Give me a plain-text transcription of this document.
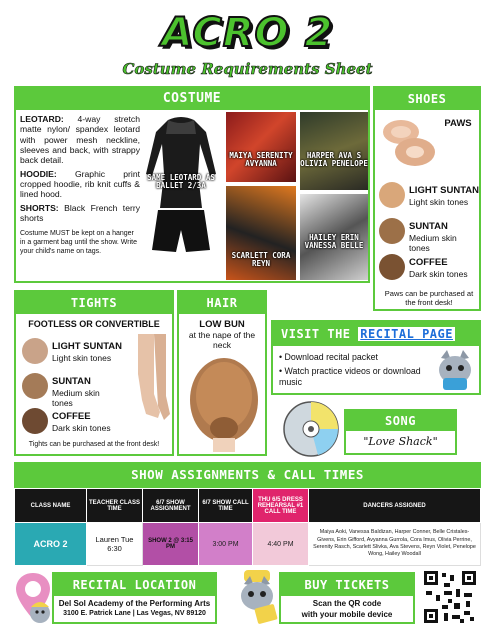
ACRO 2
Costume Requirements Sheet
COSTUME

LEOTARD: 4-way stretch matte nylon/ spandex leotard with power mesh neckline, sleeves and back, with strappy back detail.

HOODIE: Graphic print cropped hoodie, rib knit cuffs & lined hood.

SHORTS: Black French terry shorts

Costume MUST be kept on a hanger in a garment bag until the show. Write your child's name on tags.

SAME LEOTARD AS BALLET 2/3A
MAIYA SERENITY AVYANNA
HARPER AVA S OLIVIA PENELOPE
SCARLETT CORA REYN
HAILEY ERIN VANESSA BELLE
SHOES
PAWS
LIGHT SUNTAN
Light skin tones
SUNTAN
Medium skin tones
COFFEE
Dark skin tones
Paws can be purchased at the front desk!
TIGHTS
FOOTLESS OR CONVERTIBLE
LIGHT SUNTAN
Light skin tones
SUNTAN
Medium skin tones
COFFEE
Dark skin tones
Tights can be purchased at the front desk!
HAIR
LOW BUN
at the nape of the neck
VISIT THE RECITAL PAGE
• Download recital packet
• Watch practice videos or download music
SONG
"Love Shack"
SHOW ASSIGNMENTS & CALL TIMES
CLASS NAME	TEACHER CLASS TIME	6/7 SHOW ASSIGNMENT	6/7 SHOW CALL TIME	THU 6/5 DRESS REHEARSAL #1 CALL TIME	DANCERS ASSIGNED
ACRO 2	Lauren Tue 6:30	SHOW 2 @ 3:15 PM	3:00 PM	4:40 PM	Maiya Aoki, Vanessa Baldizan, Harper Conner, Belle Cristales-Givens, Erin Gifford, Avyanna Gurrola, Cora Imus, Olivia Perrine, Serenity Rasch, Scarlett Slivka, Ava Stevens, Reyn Violet, Penelope Wong, Hailey Woodall
RECITAL LOCATION
Del Sol Academy of the Performing Arts
3100 E. Patrick Lane | Las Vegas, NV 89120
BUY TICKETS
Scan the QR code
with your mobile device
